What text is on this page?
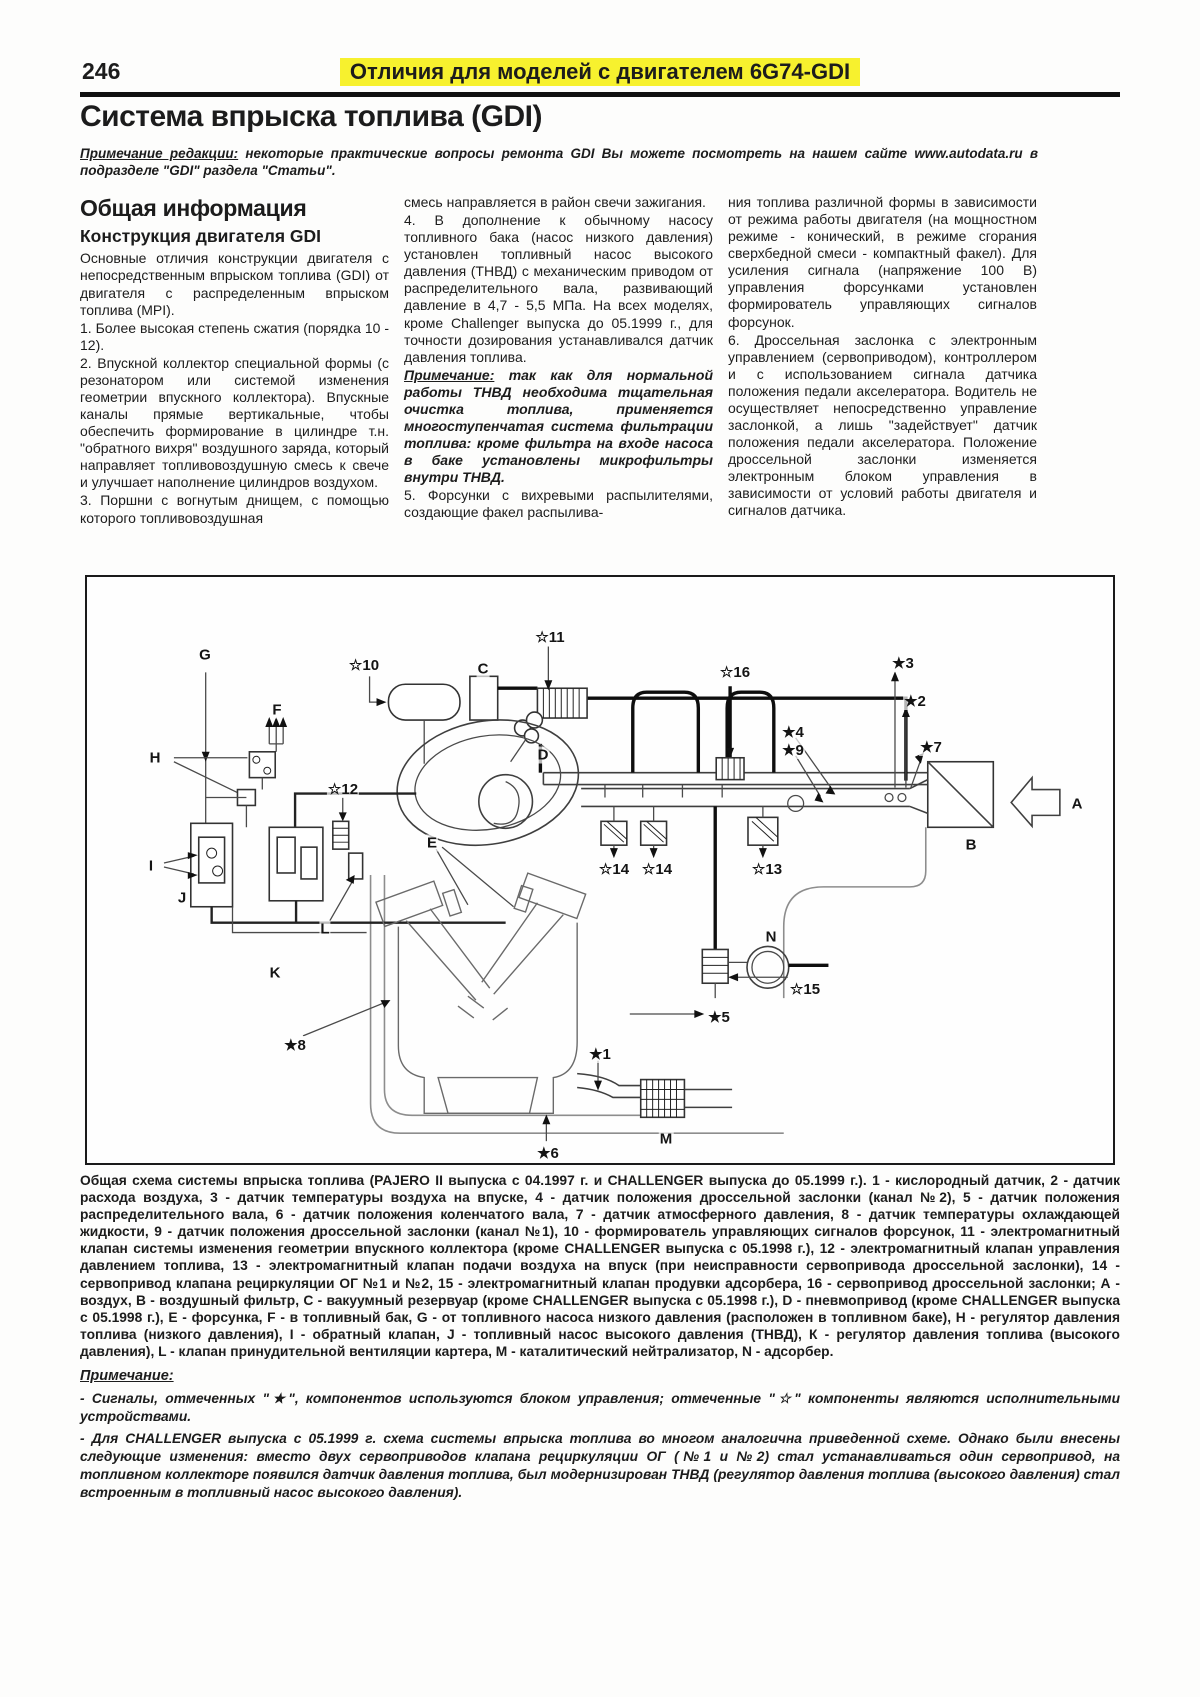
246	Отличия для моделей с двигателем 6G74-GDI
Система впрыска топлива (GDI)
Примечание редакции: некоторые практические вопросы ремонта GDI Вы можете посмотреть на нашем сайте www.autodata.ru в подразделе "GDI" раздела "Статьи".
Общая информация
Конструкция двигателя GDI

Основные отличия конструкции двигателя с непосредственным впрыском топлива (GDI) от двигателя с распределенным впрыском топлива (MPI).

1. Более высокая степень сжатия (порядка 10 - 12).

2. Впускной коллектор специальной формы (с резонатором или системой изменения геометрии впускного коллектора). Впускные каналы прямые вертикальные, чтобы обеспечить формирование в цилиндре т.н. "обратного вихря" воздушного заряда, который направляет топливовоздушную смесь к свече и улучшает наполнение цилиндров воздухом.

3. Поршни с вогнутым днищем, с помощью которого топливовоздушная

смесь направляется в район свечи зажигания.

4. В дополнение к обычному насосу топливного бака (насос низкого давления) установлен топливный насос высокого давления (ТНВД) с механическим приводом от распределительного вала, развивающий давление в 4,7 - 5,5 МПа. На всех моделях, кроме Challenger выпуска до 05.1999 г., для точности дозирования устанавливался датчик давления топлива.

Примечание: так как для нормальной работы ТНВД необходима тщательная очистка топлива, применяется многоступенчатая система фильтрации топлива: кроме фильтра на входе насоса в баке установлены микрофильтры внутри ТНВД.

5. Форсунки с вихревыми распылителями, создающие факел распылива-

ния топлива различной формы в зависимости от режима работы двигателя (на мощностном режиме - конический, в режиме сгорания сверхбедной смеси - компактный факел). Для усиления сигнала (напряжение 100 В) управления форсунками установлен формирователь управляющих сигналов форсунок.

6. Дроссельная заслонка с электронным управлением (сервоприводом), контроллером и с использованием сигнала датчика положения педали акселератора. Водитель не осуществляет непосредственно управление заслонкой, а лишь "задействует" датчик положения педали акселератора. Положение дроссельной заслонки изменяется электронным блоком управления в зависимости от условий работы двигателя и сигналов датчика.

G
☆10	C
☆11
F
H	D
☆12
☆16
★3
★2
★4
★9	★7
A
B
E
I
J
L
K
★8
☆14 ☆14	☆13
N
☆15
★5
★1
M
★6

Общая схема системы впрыска топлива (PAJERO II выпуска с 04.1997 г. и CHALLENGER выпуска до 05.1999 г.). 1 - кислородный датчик, 2 - датчик расхода воздуха, 3 - датчик температуры воздуха на впуске, 4 - датчик положения дроссельной заслонки (канал №2), 5 - датчик положения распределительного вала, 6 - датчик положения коленчатого вала, 7 - датчик атмосферного давления, 8 - датчик температуры охлаждающей жидкости, 9 - датчик положения дроссельной заслонки (канал №1), 10 - формирователь управляющих сигналов форсунок, 11 - электромагнитный клапан системы изменения геометрии впускного коллектора (кроме CHALLENGER выпуска с 05.1998 г.), 12 - электромагнитный клапан управления давлением топлива, 13 - электромагнитный клапан подачи воздуха на впуск (при неисправности сервопривода дроссельной заслонки), 14 - сервопривод клапана рециркуляции ОГ №1 и №2, 15 - электромагнитный клапан продувки адсорбера, 16 - сервопривод дроссельной заслонки; А - воздух, В - воздушный фильтр, С - вакуумный резервуар (кроме CHALLENGER выпуска с 05.1998 г.), D - пневмопривод (кроме CHALLENGER выпуска с 05.1998 г.), Е - форсунка, F - в топливный бак, G - от топливного насоса низкого давления (расположен в топливном баке), Н - регулятор давления топлива (низкого давления), I - обратный клапан, J - топливный насос высокого давления (ТНВД), К - регулятор давления топлива (высокого давления), L - клапан принудительной вентиляции картера, М - каталитический нейтрализатор, N - адсорбер.

Примечание:

- Сигналы, отмеченных "★", компонентов используются блоком управления; отмеченные "☆" компоненты являются исполнительными устройствами.

- Для CHALLENGER выпуска с 05.1999 г. схема системы впрыска топлива во многом аналогична приведенной схеме. Однако были внесены следующие изменения: вместо двух сервоприводов клапана рециркуляции ОГ (№1 и №2) стал устанавливаться один сервопривод, на топливном коллекторе появился датчик давления топлива, был модернизирован ТНВД (регулятор давления топлива (высокого давления) стал встроенным в топливный насос высокого давления).
